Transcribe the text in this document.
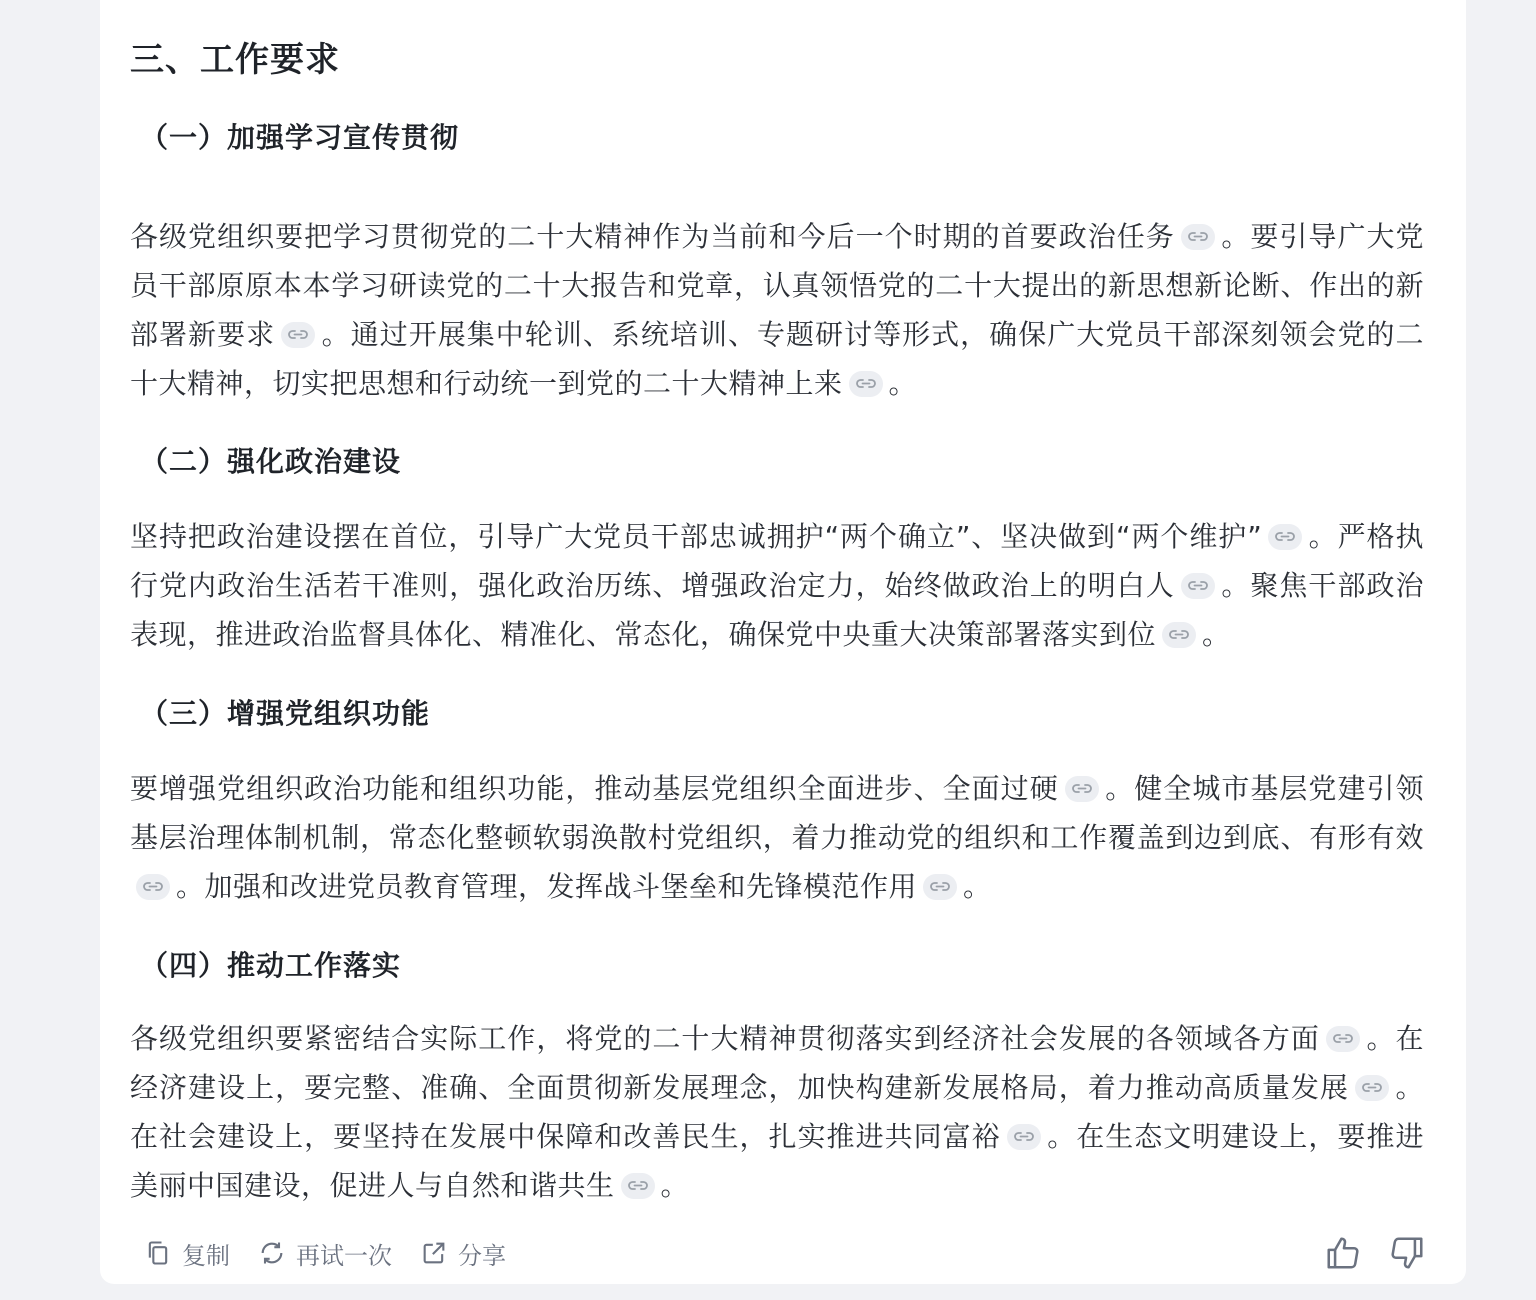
三、工作要求
（一）加强学习宣传贯彻

各级党组织要把学习贯彻党的二十大精神作为当前和今后一个时期的首要政治任务 。要引导广大党员干部原原本本学习研读党的二十大报告和党章，认真领悟党的二十大提出的新思想新论断、作出的新部署新要求 。通过开展集中轮训、系统培训、专题研讨等形式，确保广大党员干部深刻领会党的二十大精神，切实把思想和行动统一到党的二十大精神上来 。

（二）强化政治建设

坚持把政治建设摆在首位，引导广大党员干部忠诚拥护“两个确立”、坚决做到“两个维护” 。严格执行党内政治生活若干准则，强化政治历练、增强政治定力，始终做政治上的明白人 。聚焦干部政治表现，推进政治监督具体化、精准化、常态化，确保党中央重大决策部署落实到位 。

（三）增强党组织功能

要增强党组织政治功能和组织功能，推动基层党组织全面进步、全面过硬 。健全城市基层党建引领基层治理体制机制，常态化整顿软弱涣散村党组织，着力推动党的组织和工作覆盖到边到底、有形有效
。加强和改进党员教育管理，发挥战斗堡垒和先锋模范作用 。

（四）推动工作落实

各级党组织要紧密结合实际工作，将党的二十大精神贯彻落实到经济社会发展的各领域各方面 。在经济建设上，要完整、准确、全面贯彻新发展理念，加快构建新发展格局，着力推动高质量发展 。在社会建设上，要坚持在发展中保障和改善民生，扎实推进共同富裕 。在生态文明建设上，要推进美丽中国建设，促进人与自然和谐共生 。

复制	再试一次	分享
